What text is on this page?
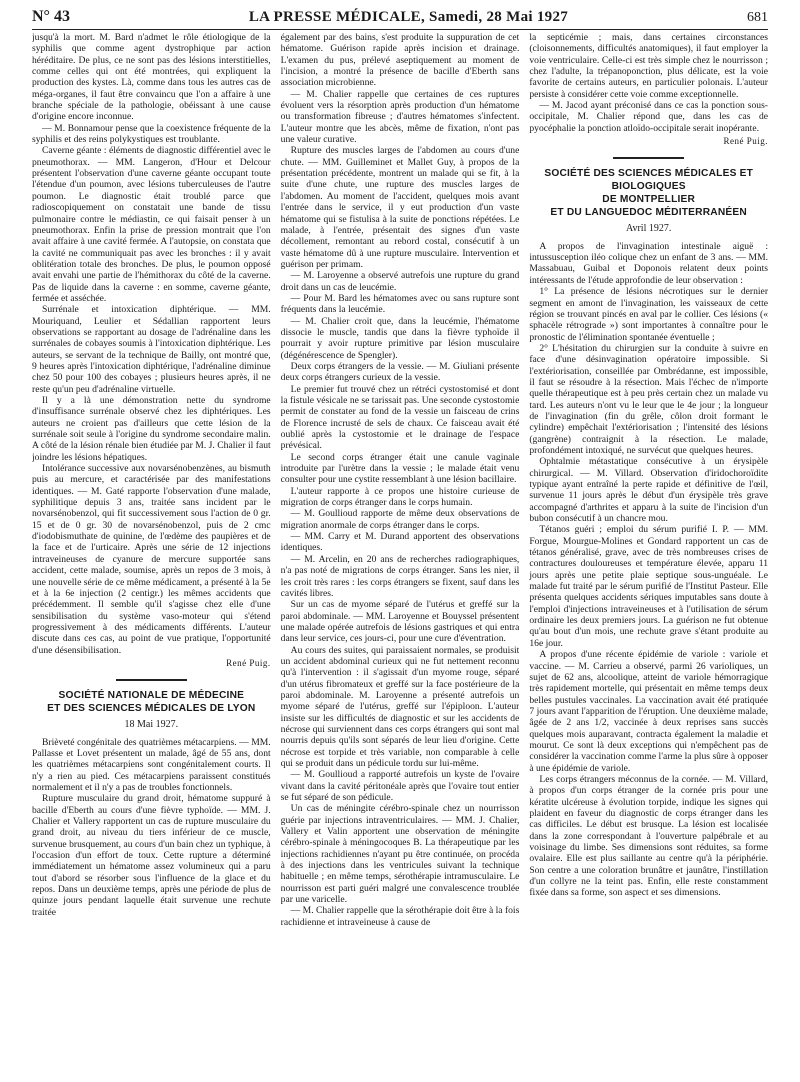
N° 43	LA PRESSE MÉDICALE, Samedi, 28 Mai 1927	681

jusqu'à la mort. M. Bard n'admet le rôle étiologique de la syphilis que comme agent dystrophique par action héréditaire. De plus, ce ne sont pas des lésions interstitielles, comme celles qui ont été montrées, qui expliquent la production des kystes. Là, comme dans tous les autres cas de méga-organes, il faut être convaincu que l'on a affaire à une branche spéciale de la pathologie, obéissant à une cause d'origine encore inconnue.

— M. Bonnamour pense que la coexistence fréquente de la syphilis et des reins polykystiques est troublante.

Caverne géante : éléments de diagnostic différentiel avec le pneumothorax. — MM. Langeron, d'Hour et Delcour présentent l'observation d'une caverne géante occupant toute l'étendue d'un poumon, avec lésions tuberculeuses de l'autre poumon. Le diagnostic était troublé parce que radioscopiquement on constatait une bande de tissu pulmonaire contre le médiastin, ce qui faisait penser à un pneumothorax. Enfin la prise de pression montrait que l'on avait affaire à une cavité fermée. A l'autopsie, on constata que la cavité ne communiquait pas avec les bronches : il y avait oblitération totale des bronches. De plus, le poumon opposé avait envahi une partie de l'hémithorax du côté de la caverne. Pas de liquide dans la caverne : en somme, caverne géante, fermée et asséchée.

Surrénale et intoxication diphtérique. — MM. Mouriquand, Leulier et Sédallian rapportent leurs observations se rapportant au dosage de l'adrénaline dans les surrénales de cobayes soumis à l'intoxication diphtérique. Les auteurs, se servant de la technique de Bailly, ont montré que, 9 heures après l'intoxication diphtérique, l'adrénaline diminue chez 50 pour 100 des cobayes ; plusieurs heures après, il ne reste qu'un peu d'adrénaline virtuelle.

Il y a là une démonstration nette du syndrome d'insuffisance surrénale observé chez les diphtériques. Les auteurs ne croient pas d'ailleurs que cette lésion de la surrénale soit seule à l'origine du syndrome secondaire malin. A côté de la lésion rénale bien étudiée par M. J. Chalier il faut joindre les lésions hépatiques.

Intolérance successive aux novarsénobenzènes, au bismuth puis au mercure, et caractérisée par des manifestations identiques. — M. Gaté rapporte l'observation d'une malade, syphilitique depuis 3 ans, traitée sans incident par le novarsénobenzol, qui fit successivement sous l'action de 0 gr. 15 et de 0 gr. 30 de novarsénobenzol, puis de 2 cmc d'iodobismuthate de quinine, de l'œdème des paupières et de la face et de l'urticaire. Après une série de 12 injections intraveineuses de cyanure de mercure supportée sans accident, cette malade, soumise, après un repos de 3 mois, à une nouvelle série de ce même médicament, a présenté à la 5e et à la 6e injection (2 centigr.) les mêmes accidents que précédemment. Il semble qu'il s'agisse chez elle d'une sensibilisation du système vaso-moteur qui s'étend progressivement à des médicaments différents. L'auteur discute dans ces cas, au point de vue pratique, l'opportunité d'une désensibilisation.

René Puig.
SOCIÉTÉ NATIONALE DE MÉDECINE
ET DES SCIENCES MÉDICALES DE LYON
18 Mai 1927.

Brièveté congénitale des quatrièmes métacarpiens. — MM. Pallasse et Lovet présentent un malade, âgé de 55 ans, dont les quatrièmes métacarpiens sont congénitalement courts. Il n'y a rien au pied. Ces métacarpiens paraissent constitués normalement et il n'y a pas de troubles fonctionnels.

Rupture musculaire du grand droit, hématome suppuré à bacille d'Eberth au cours d'une fièvre typhoïde. — MM. J. Chalier et Vallery rapportent un cas de rupture musculaire du grand droit, au niveau du tiers inférieur de ce muscle, survenue brusquement, au cours d'un bain chez un typhique, à l'occasion d'un effort de toux. Cette rupture a déterminé immédiatement un hématome assez volumineux qui a paru tout d'abord se résorber sous l'influence de la glace et du repos. Dans un deuxième temps, après une période de plus de quinze jours pendant laquelle était survenue une rechute traitée

également par des bains, s'est produite la suppuration de cet hématome. Guérison rapide après incision et drainage. L'examen du pus, prélevé aseptiquement au moment de l'incision, a montré la présence de bacille d'Eberth sans association microbienne.

— M. Chalier rappelle que certaines de ces ruptures évoluent vers la résorption après production d'un hématome ou transformation fibreuse ; d'autres hématomes s'infectent. L'auteur montre que les abcès, même de fixation, n'ont pas une valeur curative.

Rupture des muscles larges de l'abdomen au cours d'une chute. — MM. Guilleminet et Mallet Guy, à propos de la présentation précédente, montrent un malade qui se fit, à la suite d'une chute, une rupture des muscles larges de l'abdomen. Au moment de l'accident, quelques mois avant l'entrée dans le service, il y eut production d'un vaste hématome qui se fistulisa à la suite de ponctions répétées. Le malade, à l'entrée, présentait des signes d'un vaste décollement, remontant au rebord costal, consécutif à un vaste hématome dû à une rupture musculaire. Intervention et guérison per primam.

— M. Laroyenne a observé autrefois une rupture du grand droit dans un cas de leucémie.

— Pour M. Bard les hématomes avec ou sans rupture sont fréquents dans la leucémie.

— M. Chalier croit que, dans la leucémie, l'hématome dissocie le muscle, tandis que dans la fièvre typhoïde il pourrait y avoir rupture primitive par lésion musculaire (dégénérescence de Spengler).

Deux corps étrangers de la vessie. — M. Giuliani présente deux corps étrangers curieux de la vessie.

Le premier fut trouvé chez un rétréci cystostomisé et dont la fistule vésicale ne se tarissait pas. Une seconde cystostomie permit de constater au fond de la vessie un faisceau de crins de Florence incrusté de sels de chaux. Ce faisceau avait été oublié après la cystostomie et le drainage de l'espace prévésical.

Le second corps étranger était une canule vaginale introduite par l'urètre dans la vessie ; le malade était venu consulter pour une cystite ressemblant à une lésion bacillaire.

L'auteur rapporte à ce propos une histoire curieuse de migration de corps étranger dans le corps humain.

— M. Goullioud rapporte de même deux observations de migration anormale de corps étranger dans le corps.

— MM. Carry et M. Durand apportent des observations identiques.

— M. Arcelin, en 20 ans de recherches radiographiques, n'a pas noté de migrations de corps étranger. Sans les nier, il les croit très rares : les corps étrangers se fixent, sauf dans les cavités libres.

Sur un cas de myome séparé de l'utérus et greffé sur la paroi abdominale. — MM. Laroyenne et Bouyssel présentent une malade opérée autrefois de lésions gastriques et qui entra dans leur service, ces jours-ci, pour une cure d'éventration.

Au cours des suites, qui paraissaient normales, se produisit un accident abdominal curieux qui ne fut nettement reconnu qu'à l'intervention : il s'agissait d'un myome rouge, séparé d'un utérus fibromateux et greffé sur la face postérieure de la paroi abdominale. M. Laroyenne a présenté autrefois un myome séparé de l'utérus, greffé sur l'épiploon. L'auteur insiste sur les difficultés de diagnostic et sur les accidents de nécrose qui surviennent dans ces corps étrangers qui sont mal nourris depuis qu'ils sont séparés de leur lieu d'origine. Cette nécrose est torpide et très variable, non comparable à celle qui se produit dans un pédicule tordu sur lui-même.

— M. Goullioud a rapporté autrefois un kyste de l'ovaire vivant dans la cavité péritonéale après que l'ovaire tout entier se fut séparé de son pédicule.

Un cas de méningite cérébro-spinale chez un nourrisson guérie par injections intraventriculaires. — MM. J. Chalier, Vallery et Valin apportent une observation de méningite cérébro-spinale à méningocoques B. La thérapeutique par les injections rachidiennes n'ayant pu être continuée, on procéda à des injections dans les ventricules suivant la technique habituelle ; en même temps, sérothérapie intramusculaire. Le nourrisson est parti guéri malgré une convalescence troublée par une varicelle.

— M. Chalier rappelle que la sérothérapie doit être à la fois rachidienne et intraveineuse à cause de

la septicémie ; mais, dans certaines circonstances (cloisonnements, difficultés anatomiques), il faut employer la voie ventriculaire. Celle-ci est très simple chez le nourrisson ; chez l'adulte, la trépanoponction, plus délicate, est la voie favorite de certains auteurs, en particulier polonais. L'auteur persiste à considérer cette voie comme exceptionnelle.

— M. Jacod ayant préconisé dans ce cas la ponction sous-occipitale, M. Chalier répond que, dans les cas de pyocéphalie la ponction atloïdo-occipitale serait inopérante.

René Puig.
SOCIÉTÉ DES SCIENCES MÉDICALES ET BIOLOGIQUES
DE MONTPELLIER
ET DU LANGUEDOC MÉDITERRANÉEN
Avril 1927.

A propos de l'invagination intestinale aiguë : intussusception iléo colique chez un enfant de 3 ans. — MM. Massabuau, Guibal et Doponois relatent deux points intéressants de l'étude approfondie de leur observation :

1° La présence de lésions nécrotiques sur le dernier segment en amont de l'invagination, les vaisseaux de cette région se trouvant pincés en aval par le collier. Ces lésions (« sphacèle rétrograde ») sont importantes à connaître pour le pronostic de l'élimination spontanée éventuelle ;

2° L'hésitation du chirurgien sur la conduite à suivre en face d'une désinvagination opératoire impossible. Si l'extériorisation, conseillée par Ombrédanne, est impossible, il faut se résoudre à la résection. Mais l'échec de n'importe quelle thérapeutique est à peu près certain chez un malade vu tard. Les auteurs n'ont vu le leur que le 4e jour ; la longueur de l'invagination (fin du grêle, côlon droit formant le cylindre) empêchait l'extériorisation ; l'intensité des lésions (gangrène) contraignit à la résection. Le malade, profondément intoxiqué, ne survécut que quelques heures.

Ophtalmie métastatique consécutive à un érysipèle chirurgical. — M. Villard. Observation d'iridochoroïdite typique ayant entraîné la perte rapide et définitive de l'œil, survenue 11 jours après le début d'un érysipèle très grave accompagné d'arthrites et apparu à la suite de l'incision d'un bubon consécutif à un chancre mou.

Tétanos guéri ; emploi du sérum purifié I. P. — MM. Forgue, Mourgue-Molines et Gondard rapportent un cas de tétanos généralisé, grave, avec de très nombreuses crises de contractures douloureuses et température élevée, apparu 11 jours après une petite plaie septique sous-unguéale. Le malade fut traité par le sérum purifié de l'Institut Pasteur. Elle présenta quelques accidents sériques imputables sans doute à l'emploi d'injections intraveineuses et à l'utilisation de sérum ordinaire les deux premiers jours. La guérison ne fut obtenue qu'au bout d'un mois, une rechute grave s'étant produite au 16e jour.

A propos d'une récente épidémie de variole : variole et vaccine. — M. Carrieu a observé, parmi 26 varioliques, un sujet de 62 ans, alcoolique, atteint de variole hémorragique très rapidement mortelle, qui présentait en même temps deux belles pustules vaccinales. La vaccination avait été pratiquée 7 jours avant l'apparition de l'éruption. Une deuxième malade, âgée de 2 ans 1/2, vaccinée à deux reprises sans succès quelques mois auparavant, contracta également la maladie et mourut. Ce sont là deux exceptions qui n'empêchent pas de considérer la vaccination comme l'arme la plus sûre à opposer à une épidémie de variole.

Les corps étrangers méconnus de la cornée. — M. Villard, à propos d'un corps étranger de la cornée pris pour une kératite ulcéreuse à évolution torpide, indique les signes qui plaident en faveur du diagnostic de corps étranger dans les cas difficiles. Le début est brusque. La lésion est localisée dans la zone correspondant à l'ouverture palpébrale et au voisinage du limbe. Ses dimensions sont réduites, sa forme ovalaire. Elle est plus saillante au centre qu'à la périphérie. Son centre a une coloration brunâtre et jaunâtre, l'instillation d'un collyre ne la teint pas. Enfin, elle reste constamment fixée dans sa forme, son aspect et ses dimensions.
